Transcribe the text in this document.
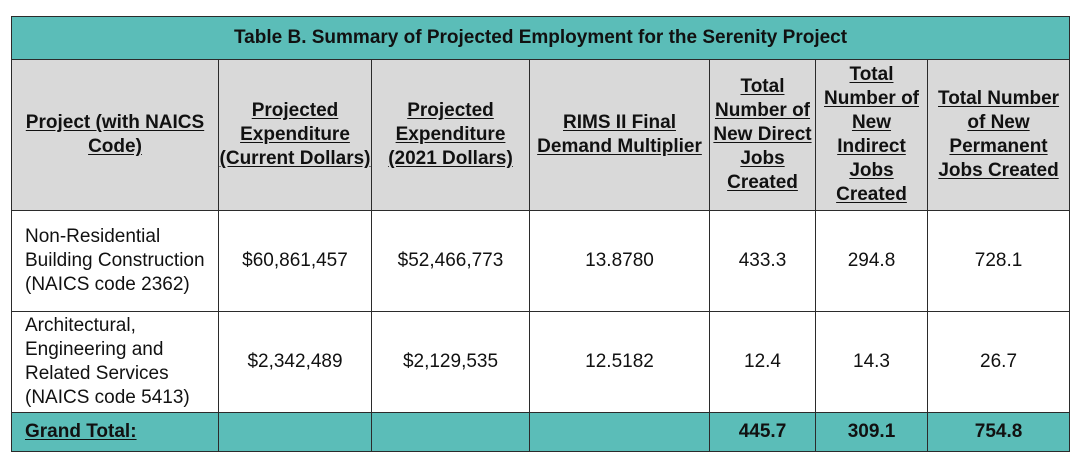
Table B. Summary of Projected Employment for the Serenity Project						
Project (with NAICS Code)	Projected Expenditure (Current Dollars)	Projected Expenditure (2021 Dollars)	RIMS II Final Demand Multiplier	Total Number of New Direct Jobs Created	Total Number of New Indirect Jobs Created	Total Number of New Permanent Jobs Created
Non-Residential Building Construction (NAICS code 2362)	$60,861,457	$52,466,773	13.8780	433.3	294.8	728.1
Architectural, Engineering and Related Services (NAICS code 5413)	$2,342,489	$2,129,535	12.5182	12.4	14.3	26.7
Grand Total:				445.7	309.1	754.8
